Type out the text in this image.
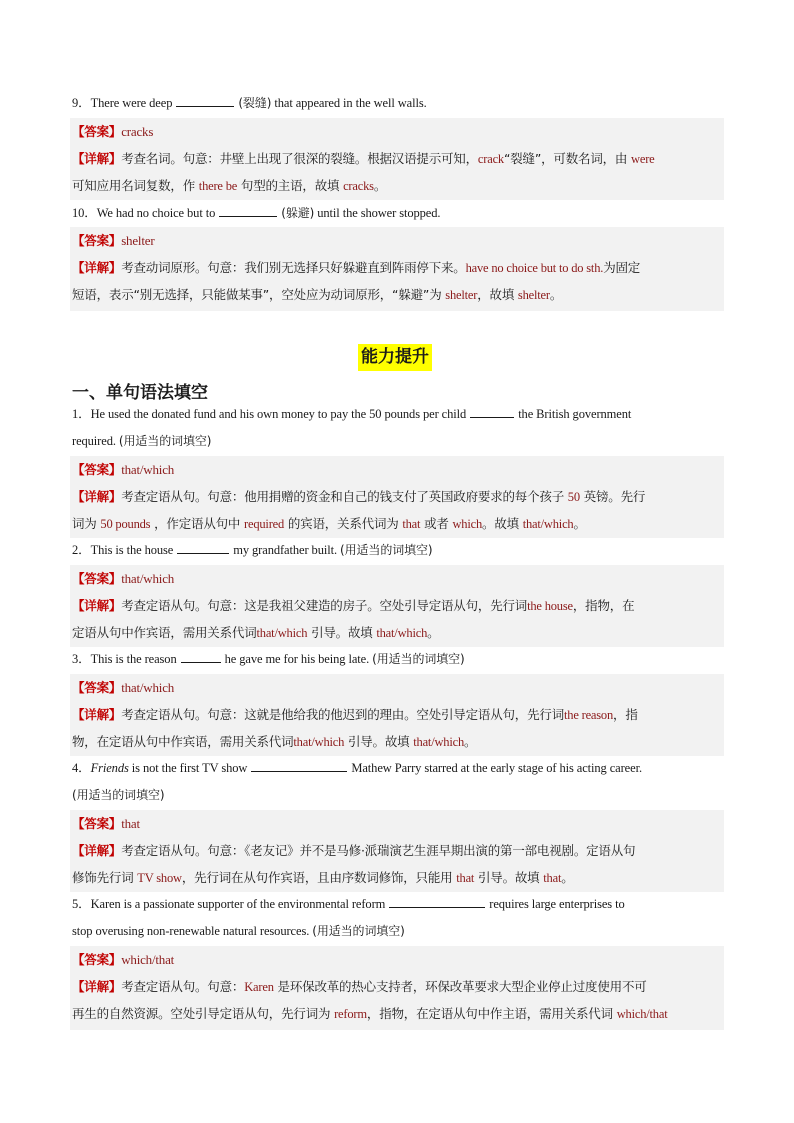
9．There were deep	(裂缝) that appeared in the well walls.
【答案】cracks
【详解】考查名词。句意：井壁上出现了很深的裂缝。根据汉语提示可知，crack“裂缝”，可数名词，由 were
可知应用名词复数，作 there be 句型的主语，故填 cracks。
10．We had no choice but to	(躲避) until the shower stopped.
【答案】shelter
【详解】考查动词原形。句意：我们别无选择只好躲避直到阵雨停下来。have no choice but to do sth.为固定
短语，表示“别无选择，只能做某事”，空处应为动词原形，“躲避”为 shelter，故填 shelter。
能力提升
一、单句语法填空
1．He used the donated fund and his own money to pay the 50 pounds per child	the British government
required. (用适当的词填空)
【答案】that/which
【详解】考查定语从句。句意：他用捐赠的资金和自己的钱支付了英国政府要求的每个孩子 50 英镑。先行
词为 50 pounds ，作定语从句中 required 的宾语，关系代词为 that 或者 which。故填 that/which。
2．This is the house	my grandfather built. (用适当的词填空)
【答案】that/which
【详解】考查定语从句。句意：这是我祖父建造的房子。空处引导定语从句，先行词the house，指物，在
定语从句中作宾语，需用关系代词that/which 引导。故填 that/which。
3．This is the reason	he gave me for his being late. (用适当的词填空)
【答案】that/which
【详解】考查定语从句。句意：这就是他给我的他迟到的理由。空处引导定语从句，先行词the reason，指
物，在定语从句中作宾语，需用关系代词that/which 引导。故填 that/which。
4．Friends is not the first TV show	Mathew Parry starred at the early stage of his acting career.
(用适当的词填空)
【答案】that
【详解】考查定语从句。句意：《老友记》并不是马修·派瑞演艺生涯早期出演的第一部电视剧。定语从句
修饰先行词 TV show，先行词在从句作宾语，且由序数词修饰，只能用 that 引导。故填 that。
5．Karen is a passionate supporter of the environmental reform	requires large enterprises to
stop overusing non-renewable natural resources. (用适当的词填空)
【答案】which/that
【详解】考查定语从句。句意：Karen 是环保改革的热心支持者，环保改革要求大型企业停止过度使用不可
再生的自然资源。空处引导定语从句，先行词为 reform，指物，在定语从句中作主语，需用关系代词 which/that
